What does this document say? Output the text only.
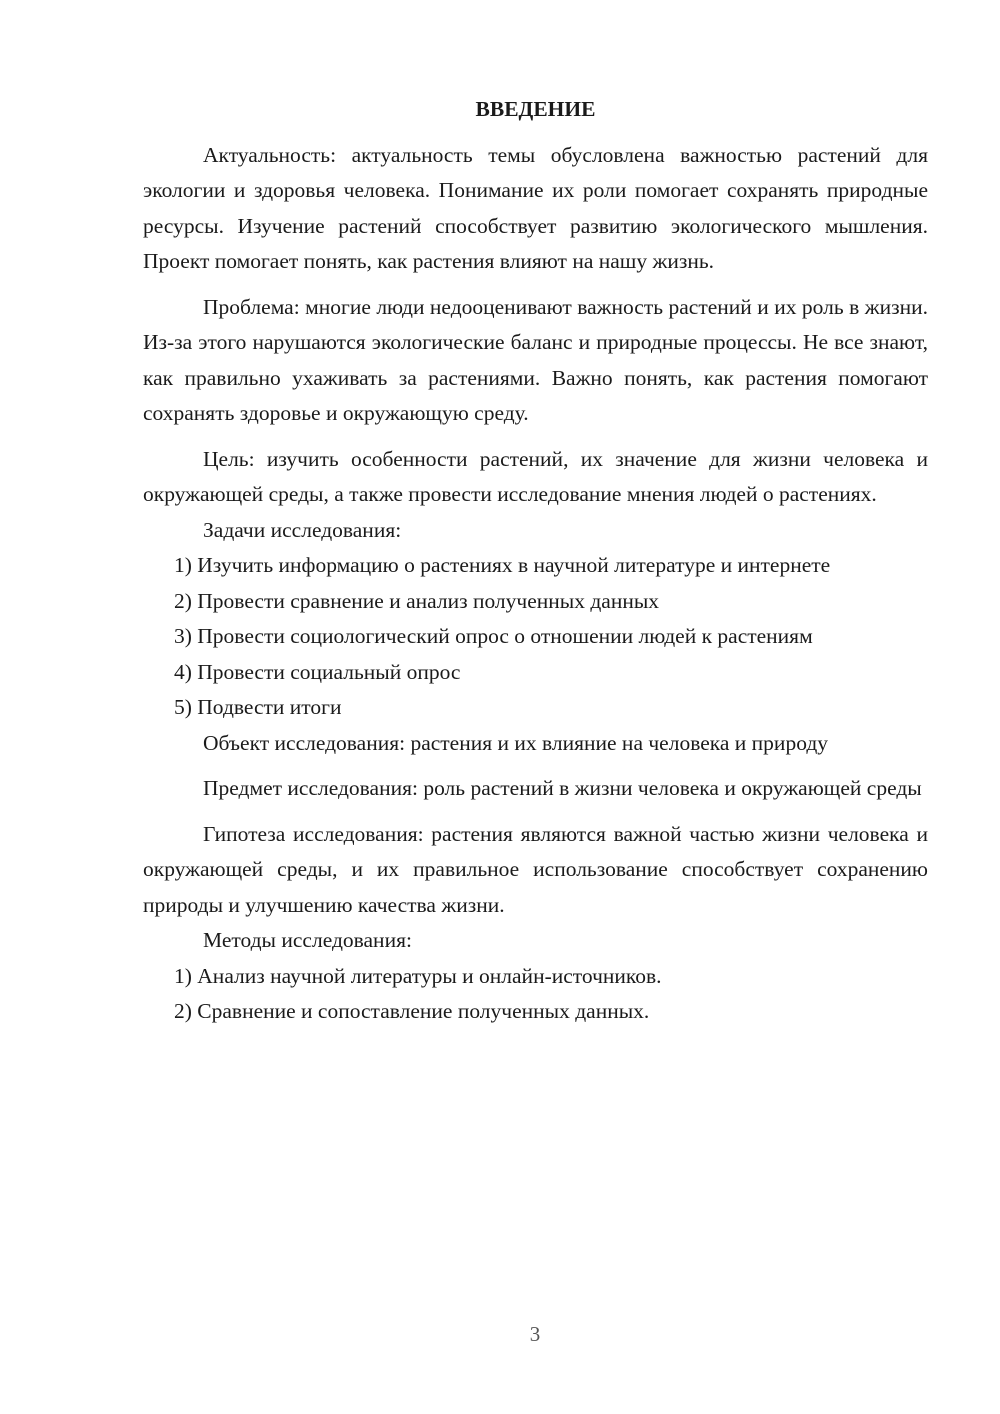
ВВЕДЕНИЕ

Актуальность: актуальность темы обусловлена важностью растений для экологии и здоровья человека. Понимание их роли помогает сохранять природные ресурсы. Изучение растений способствует развитию экологического мышления. Проект помогает понять, как растения влияют на нашу жизнь.

Проблема: многие люди недооценивают важность растений и их роль в жизни. Из-за этого нарушаются экологические баланс и природные процессы. Не все знают, как правильно ухаживать за растениями. Важно понять, как растения помогают сохранять здоровье и окружающую среду.

Цель: изучить особенности растений, их значение для жизни человека и окружающей среды, а также провести исследование мнения людей о растениях.

Задачи исследования:

1) Изучить информацию о растениях в научной литературе и интернете

2) Провести сравнение и анализ полученных данных

3) Провести социологический опрос о отношении людей к растениям

4) Провести социальный опрос

5) Подвести итоги

Объект исследования: растения и их влияние на человека и природу

Предмет исследования: роль растений в жизни человека и окружающей среды

Гипотеза исследования: растения являются важной частью жизни человека и окружающей среды, и их правильное использование способствует сохранению природы и улучшению качества жизни.

Методы исследования:

1) Анализ научной литературы и онлайн-источников.

2) Сравнение и сопоставление полученных данных.

3
